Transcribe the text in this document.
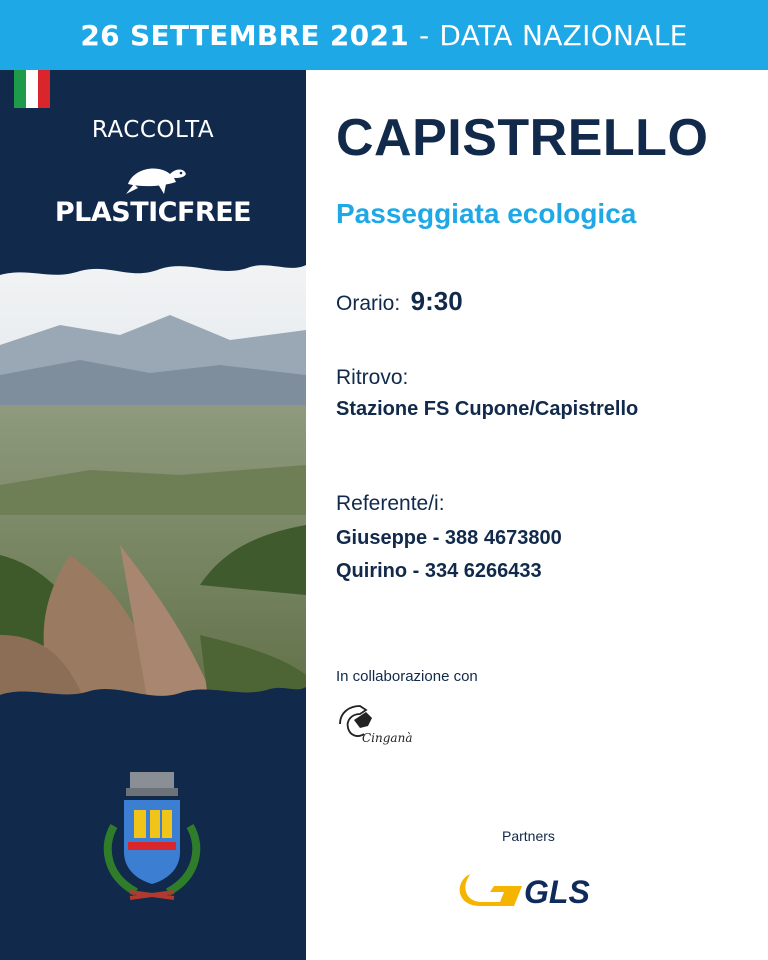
26 SETTEMBRE 2021 - DATA NAZIONALE
RACCOLTA
PLASTICFREE
CAPISTRELLO
Passeggiata ecologica
Orario: 9:30
Ritrovo:
Stazione FS Cupone/Capistrello
Referente/i:
Giuseppe - 388 4673800
Quirino - 334 6266433
In collaborazione con
Cinganà
Partners
GLS
